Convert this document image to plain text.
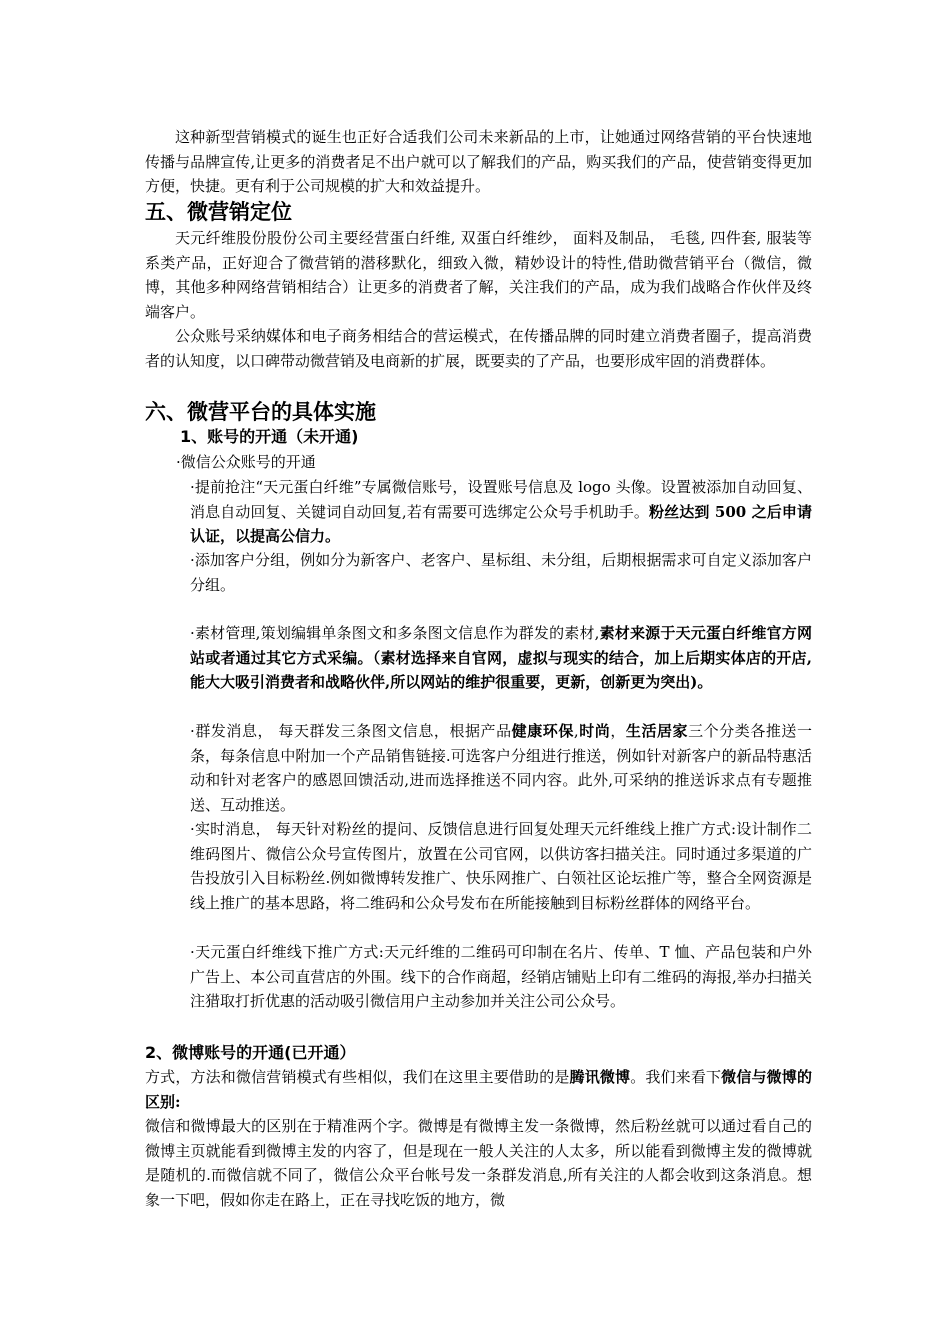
这种新型营销模式的诞生也正好合适我们公司未来新品的上市，让她通过网络营销的平台快速地传播与品牌宣传,让更多的消费者足不出户就可以了解我们的产品，购买我们的产品，使营销变得更加方便，快捷。更有利于公司规模的扩大和效益提升。

五、微营销定位

天元纤维股份股份公司主要经营蛋白纤维, 双蛋白纤维纱， 面料及制品， 毛毯, 四件套, 服装等系类产品，正好迎合了微营销的潜移默化，细致入微，精妙设计的特性,借助微营销平台（微信，微博，其他多种网络营销相结合）让更多的消费者了解，关注我们的产品，成为我们战略合作伙伴及终端客户。

公众账号采纳媒体和电子商务相结合的营运模式，在传播品牌的同时建立消费者圈子，提高消费者的认知度，以口碑带动微营销及电商新的扩展，既要卖的了产品，也要形成牢固的消费群体。

六、微营平台的具体实施
1、账号的开通（未开通)

·微信公众账号的开通

·提前抢注“天元蛋白纤维”专属微信账号，设置账号信息及 logo 头像。设置被添加自动回复、消息自动回复、关键词自动回复,若有需要可选绑定公众号手机助手。粉丝达到 500 之后申请认证，以提高公信力。

·添加客户分组，例如分为新客户、老客户、星标组、未分组，后期根据需求可自定义添加客户分组。

·素材管理,策划编辑单条图文和多条图文信息作为群发的素材,素材来源于天元蛋白纤维官方网站或者通过其它方式采编。（素材选择来自官网，虚拟与现实的结合，加上后期实体店的开店,能大大吸引消费者和战略伙伴,所以网站的维护很重要，更新，创新更为突出)。

·群发消息， 每天群发三条图文信息，根据产品健康环保,时尚，生活居家三个分类各推送一条，每条信息中附加一个产品销售链接.可选客户分组进行推送，例如针对新客户的新品特惠活动和针对老客户的感恩回馈活动,进而选择推送不同内容。此外,可采纳的推送诉求点有专题推送、互动推送。

·实时消息， 每天针对粉丝的提问、反馈信息进行回复处理天元纤维线上推广方式:设计制作二维码图片、微信公众号宣传图片，放置在公司官网，以供访客扫描关注。同时通过多渠道的广告投放引入目标粉丝.例如微博转发推广、快乐网推广、白领社区论坛推广等，整合全网资源是线上推广的基本思路，将二维码和公众号发布在所能接触到目标粉丝群体的网络平台。

·天元蛋白纤维线下推广方式:天元纤维的二维码可印制在名片、传单、T 恤、产品包装和户外广告上、本公司直营店的外围。线下的合作商超，经销店铺贴上印有二维码的海报,举办扫描关注猎取打折优惠的活动吸引微信用户主动参加并关注公司公众号。

2、微博账号的开通(已开通）

方式，方法和微信营销模式有些相似，我们在这里主要借助的是腾讯微博。我们来看下微信与微博的区别:

微信和微博最大的区别在于精准两个字。微博是有微博主发一条微博，然后粉丝就可以通过看自己的微博主页就能看到微博主发的内容了，但是现在一般人关注的人太多，所以能看到微博主发的微博就是随机的.而微信就不同了，微信公众平台帐号发一条群发消息,所有关注的人都会收到这条消息。想象一下吧，假如你走在路上，正在寻找吃饭的地方，微
